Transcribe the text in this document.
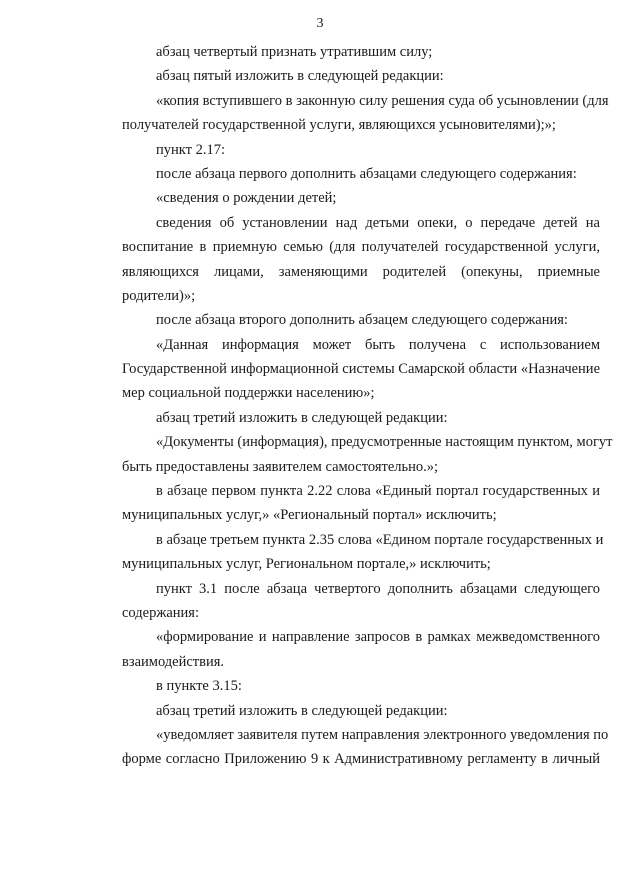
3
абзац четвертый признать утратившим силу;
абзац пятый изложить в следующей редакции:
«копия вступившего в законную силу решения суда об усыновлении (для
получателей государственной услуги, являющихся усыновителями);»;
пункт 2.17:
после абзаца первого дополнить абзацами следующего содержания:
«сведения о рождении детей;
сведения об установлении над детьми опеки, о передаче детей на
воспитание в приемную семью (для получателей государственной услуги,
являющихся лицами, заменяющими родителей (опекуны, приемные
родители)»;
после абзаца второго дополнить абзацем следующего содержания:
«Данная информация может быть получена с использованием
Государственной информационной системы Самарской области «Назначение
мер социальной поддержки населению»;
абзац третий изложить в следующей редакции:
«Документы (информация), предусмотренные настоящим пунктом, могут
быть предоставлены заявителем самостоятельно.»;
в абзаце первом пункта 2.22 слова «Единый портал государственных и
муниципальных услуг,» «Региональный портал» исключить;
в абзаце третьем пункта 2.35 слова «Едином портале государственных и
муниципальных услуг, Региональном портале,» исключить;
пункт 3.1 после абзаца четвертого дополнить абзацами следующего
содержания:
«формирование и направление запросов в рамках межведомственного
взаимодействия.
в пункте 3.15:
абзац третий изложить в следующей редакции:
«уведомляет заявителя путем направления электронного уведомления по
форме согласно Приложению 9 к Административному регламенту в личный
